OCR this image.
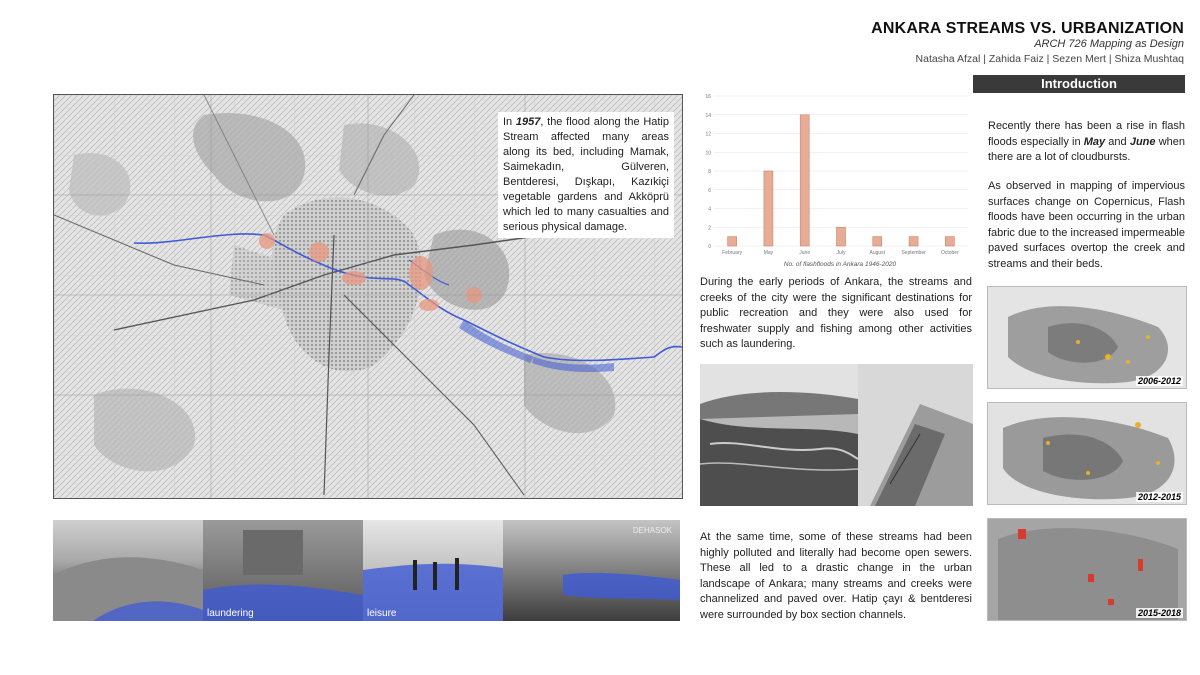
ANKARA STREAMS VS. URBANIZATION
ARCH 726 Mapping as Design
Natasha Afzal | Zahida Faiz | Sezen Mert | Shiza Mushtaq
Introduction
In 1957, the flood along the Hatip Stream affected many areas along its bed, including Mamak, Saimekadın, Gülveren, Bentderesi, Dışkapı, Kazıkiçi vegetable gardens and Akköprü which led to many casualties and serious physical damage.
laundering	leisure
DEHASOK
0
2
4
6
8
10
12
14
16
February	May	June	July	August	September	October
No. of flashfloods in Ankara 1946-2020
During the early periods of Ankara, the streams and creeks of the city were the significant destinations for public recreation and they were also used for freshwater supply and fishing among other activities such as laundering.
At the same time, some of these streams had been highly polluted and literally had become open sewers. These all led to a drastic change in the urban landscape of Ankara; many streams and creeks were channelized and paved over. Hatip çayı & bentderesi were surrounded by box section channels.
Recently there has been a rise in flash floods especially in May and June when there are a lot of cloudbursts.
As observed in mapping of impervious surfaces change on Copernicus, Flash floods have been occurring in the urban fabric due to the increased impermeable paved surfaces overtop the creek and streams and their beds.
2006-2012
2012-2015
2015-2018
